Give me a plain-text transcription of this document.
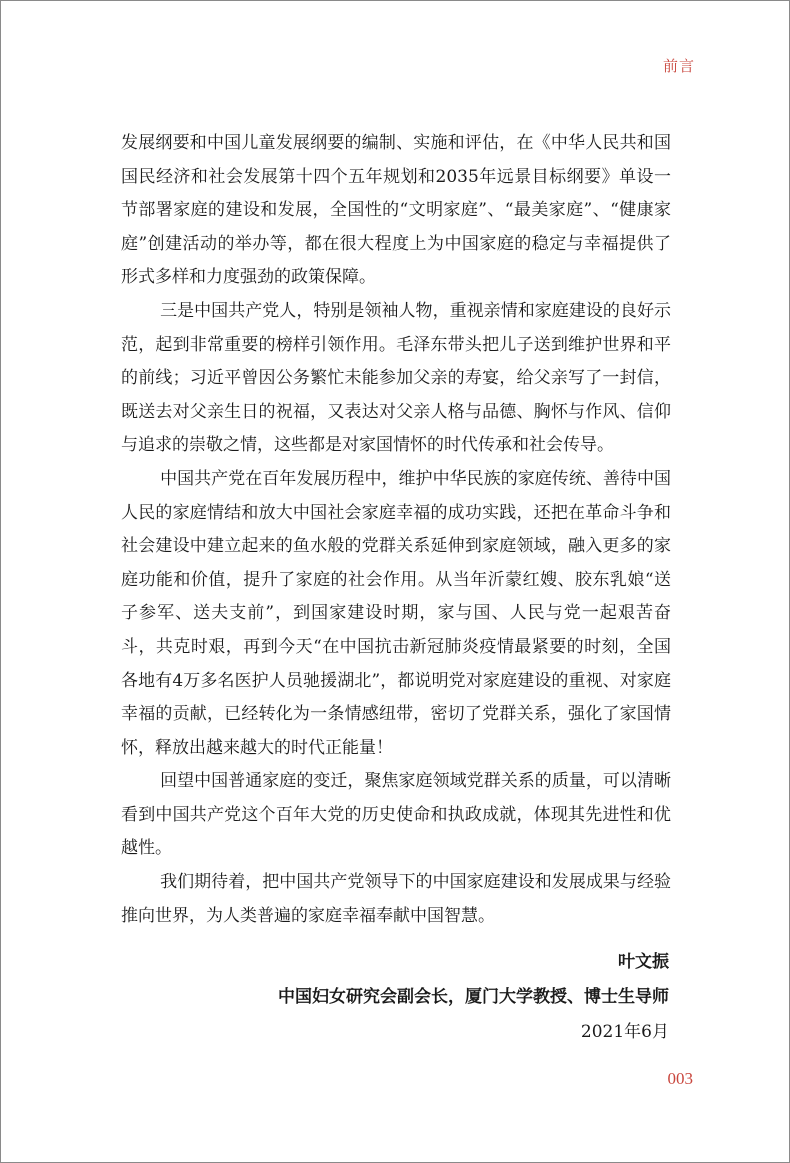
前言

发展纲要和中国儿童发展纲要的编制、实施和评估，在《中华人民共和国国民经济和社会发展第十四个五年规划和2035年远景目标纲要》单设一节部署家庭的建设和发展，全国性的“文明家庭”、“最美家庭”、“健康家庭”创建活动的举办等，都在很大程度上为中国家庭的稳定与幸福提供了形式多样和力度强劲的政策保障。

三是中国共产党人，特别是领袖人物，重视亲情和家庭建设的良好示范，起到非常重要的榜样引领作用。毛泽东带头把儿子送到维护世界和平的前线；习近平曾因公务繁忙未能参加父亲的寿宴，给父亲写了一封信，既送去对父亲生日的祝福，又表达对父亲人格与品德、胸怀与作风、信仰与追求的崇敬之情，这些都是对家国情怀的时代传承和社会传导。

中国共产党在百年发展历程中，维护中华民族的家庭传统、善待中国人民的家庭情结和放大中国社会家庭幸福的成功实践，还把在革命斗争和社会建设中建立起来的鱼水般的党群关系延伸到家庭领域，融入更多的家庭功能和价值，提升了家庭的社会作用。从当年沂蒙红嫂、胶东乳娘“送子参军、送夫支前”，到国家建设时期，家与国、人民与党一起艰苦奋斗，共克时艰，再到今天“在中国抗击新冠肺炎疫情最紧要的时刻，全国各地有4万多名医护人员驰援湖北”，都说明党对家庭建设的重视、对家庭幸福的贡献，已经转化为一条情感纽带，密切了党群关系，强化了家国情怀，释放出越来越大的时代正能量！

回望中国普通家庭的变迁，聚焦家庭领域党群关系的质量，可以清晰看到中国共产党这个百年大党的历史使命和执政成就，体现其先进性和优越性。

我们期待着，把中国共产党领导下的中国家庭建设和发展成果与经验推向世界，为人类普遍的家庭幸福奉献中国智慧。

叶文振
中国妇女研究会副会长，厦门大学教授、博士生导师
2021年6月
003
